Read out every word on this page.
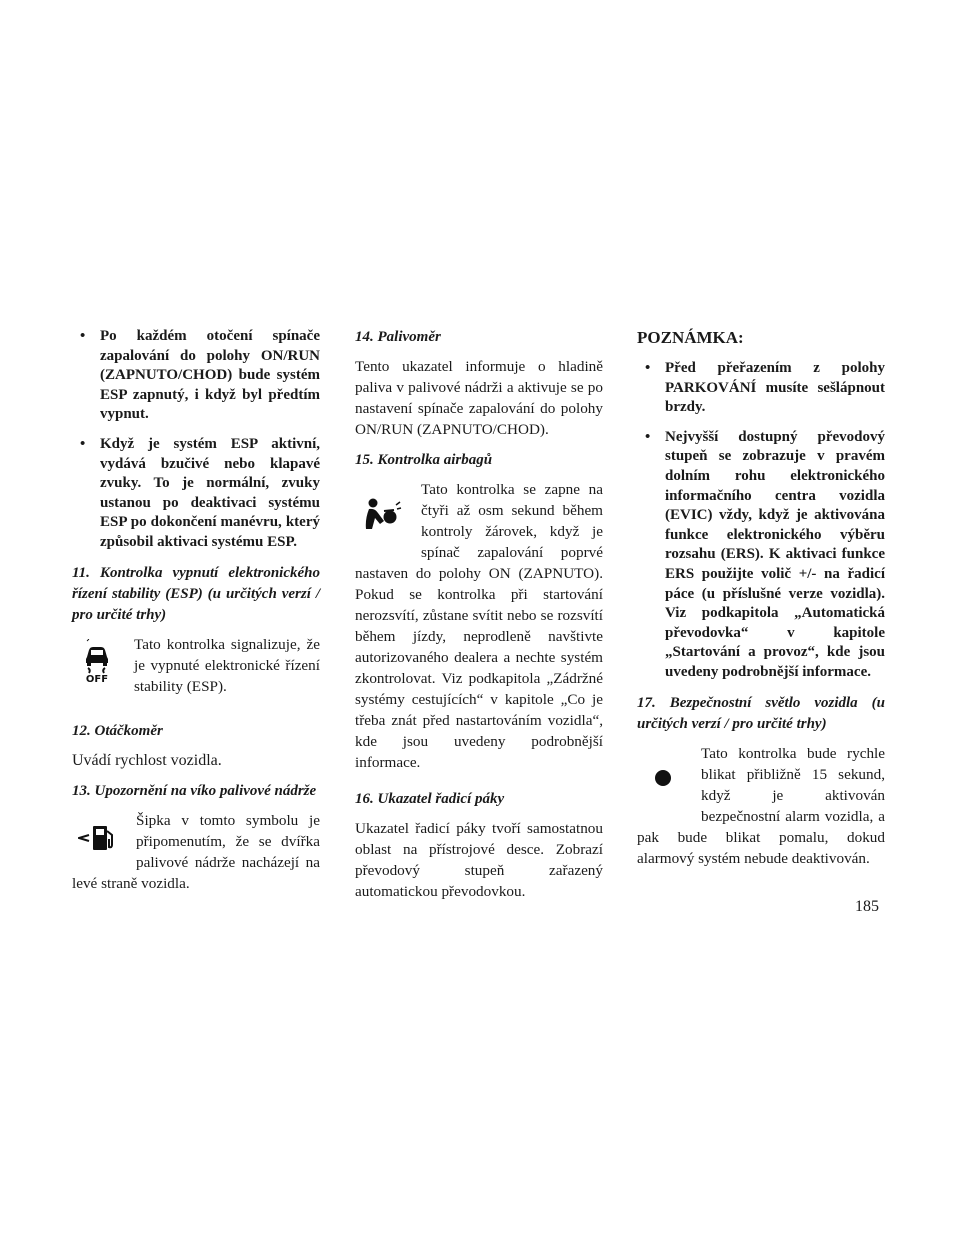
• Po každém otočení spínače zapalování do polohy ON/RUN (ZAPNUTO/CHOD) bude systém ESP zapnutý, i když byl předtím vypnut.

• Když je systém ESP aktivní, vydává bzučivé nebo klapavé zvuky. To je normální, zvuky ustanou po deaktivaci systému ESP po dokončení manévru, který způsobil aktivaci systému ESP.

11. Kontrolka vypnutí elektronického řízení stability (ESP) (u určitých verzí / pro určité trhy)

OFF

Tato kontrolka signalizuje, že je vypnuté elektronické řízení stability (ESP).

12. Otáčkoměr

Uvádí rychlost vozidla.

13. Upozornění na víko palivové nádrže

Šipka v tomto symbolu je připomenutím, že se dvířka palivové nádrže nacházejí na levé straně vozidla.

14. Palivoměr

Tento ukazatel informuje o hladině paliva v palivové nádrži a aktivuje se po nastavení spínače zapalování do polohy ON/RUN (ZAPNUTO/CHOD).

15. Kontrolka airbagů

Tato kontrolka se zapne na čtyři až osm sekund během kontroly žárovek, když je spínač zapalování poprvé nastaven do polohy ON (ZAPNUTO). Pokud se kontrolka při startování nerozsvítí, zůstane svítit nebo se rozsvítí během jízdy, neprodleně navštivte autorizovaného dealera a nechte systém zkontrolovat. Viz podkapitola „Zádržné systémy cestujících“ v kapitole „Co je třeba znát před nastartováním vozidla“, kde jsou uvedeny podrobnější informace.

16. Ukazatel řadicí páky

Ukazatel řadicí páky tvoří samostatnou oblast na přístrojové desce. Zobrazí převodový stupeň zařazený automatickou převodovkou.

POZNÁMKA:

• Před přeřazením z polohy PARKOVÁNÍ musíte sešlápnout brzdy.

• Nejvyšší dostupný převodový stupeň se zobrazuje v pravém dolním rohu elektronického informačního centra vozidla (EVIC) vždy, když je aktivována funkce elektronického výběru rozsahu (ERS). K aktivaci funkce ERS použijte volič +/- na řadicí páce (u příslušné verze vozidla). Viz podkapitola „Automatická převodovka“ v kapitole „Startování a provoz“, kde jsou uvedeny podrobnější informace.

17. Bezpečnostní světlo vozidla (u určitých verzí / pro určité trhy)

Tato kontrolka bude rychle blikat přibližně 15 sekund, když je aktivován bezpečnostní alarm vozidla, a pak bude blikat pomalu, dokud alarmový systém nebude deaktivován.

185
